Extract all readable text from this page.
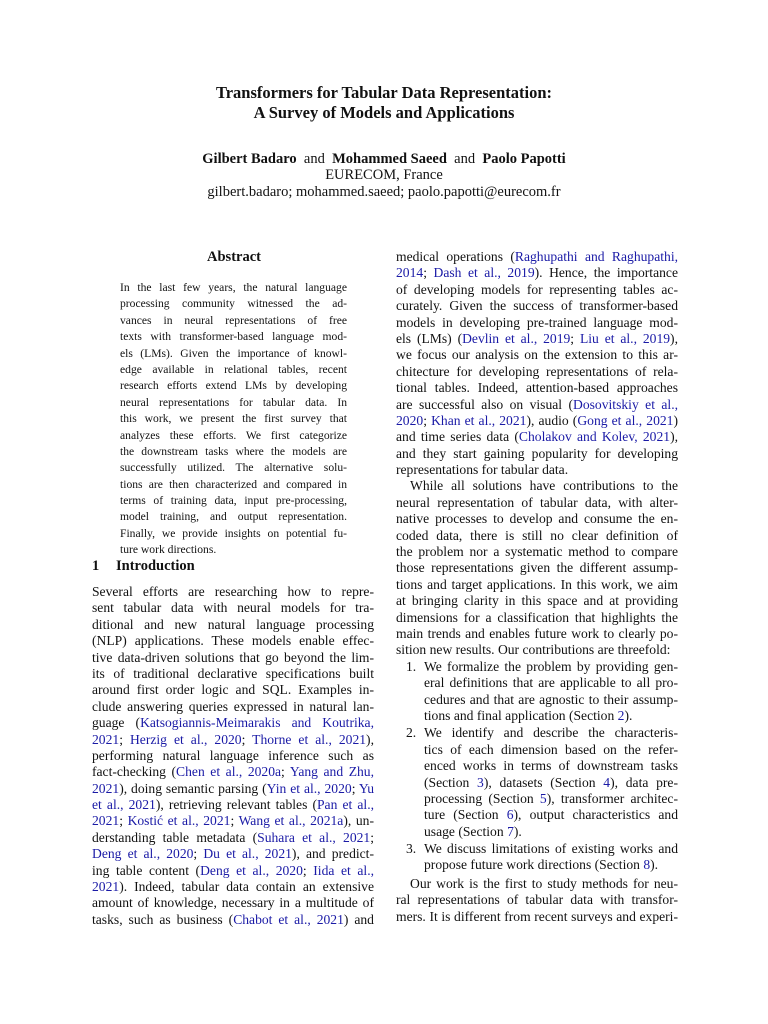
Transformers for Tabular Data Representation:
A Survey of Models and Applications
Gilbert Badaro and Mohammed Saeed and Paolo Papotti
EURECOM, France
gilbert.badaro; mohammed.saeed; paolo.papotti@eurecom.fr
Abstract
In the last few years, the natural language
processing community witnessed the ad-
vances in neural representations of free
texts with transformer-based language mod-
els (LMs). Given the importance of knowl-
edge available in relational tables, recent
research efforts extend LMs by developing
neural representations for tabular data. In
this work, we present the first survey that
analyzes these efforts. We first categorize
the downstream tasks where the models are
successfully utilized. The alternative solu-
tions are then characterized and compared in
terms of training data, input pre-processing,
model training, and output representation.
Finally, we provide insights on potential fu-
ture work directions.
1 Introduction
Several efforts are researching how to repre-
sent tabular data with neural models for tra-
ditional and new natural language processing
(NLP) applications. These models enable effec-
tive data-driven solutions that go beyond the lim-
its of traditional declarative specifications built
around first order logic and SQL. Examples in-
clude answering queries expressed in natural lan-
guage (Katsogiannis-Meimarakis and Koutrika,
2021; Herzig et al., 2020; Thorne et al., 2021),
performing natural language inference such as
fact-checking (Chen et al., 2020a; Yang and Zhu,
2021), doing semantic parsing (Yin et al., 2020; Yu
et al., 2021), retrieving relevant tables (Pan et al.,
2021; Kostić et al., 2021; Wang et al., 2021a), un-
derstanding table metadata (Suhara et al., 2021;
Deng et al., 2020; Du et al., 2021), and predict-
ing table content (Deng et al., 2020; Iida et al.,
2021). Indeed, tabular data contain an extensive
amount of knowledge, necessary in a multitude of
tasks, such as business (Chabot et al., 2021) and
medical operations (Raghupathi and Raghupathi,
2014; Dash et al., 2019). Hence, the importance
of developing models for representing tables ac-
curately. Given the success of transformer-based
models in developing pre-trained language mod-
els (LMs) (Devlin et al., 2019; Liu et al., 2019),
we focus our analysis on the extension to this ar-
chitecture for developing representations of rela-
tional tables. Indeed, attention-based approaches
are successful also on visual (Dosovitskiy et al.,
2020; Khan et al., 2021), audio (Gong et al., 2021)
and time series data (Cholakov and Kolev, 2021),
and they start gaining popularity for developing
representations for tabular data.
While all solutions have contributions to the
neural representation of tabular data, with alter-
native processes to develop and consume the en-
coded data, there is still no clear definition of
the problem nor a systematic method to compare
those representations given the different assump-
tions and target applications. In this work, we aim
at bringing clarity in this space and at providing
dimensions for a classification that highlights the
main trends and enables future work to clearly po-
sition new results. Our contributions are threefold:
1. We formalize the problem by providing gen-
eral definitions that are applicable to all pro-
cedures and that are agnostic to their assump-
tions and final application (Section 2).
2. We identify and describe the characteris-
tics of each dimension based on the refer-
enced works in terms of downstream tasks
(Section 3), datasets (Section 4), data pre-
processing (Section 5), transformer architec-
ture (Section 6), output characteristics and
usage (Section 7).
3. We discuss limitations of existing works and
propose future work directions (Section 8).
Our work is the first to study methods for neu-
ral representations of tabular data with transfor-
mers. It is different from recent surveys and experi-
